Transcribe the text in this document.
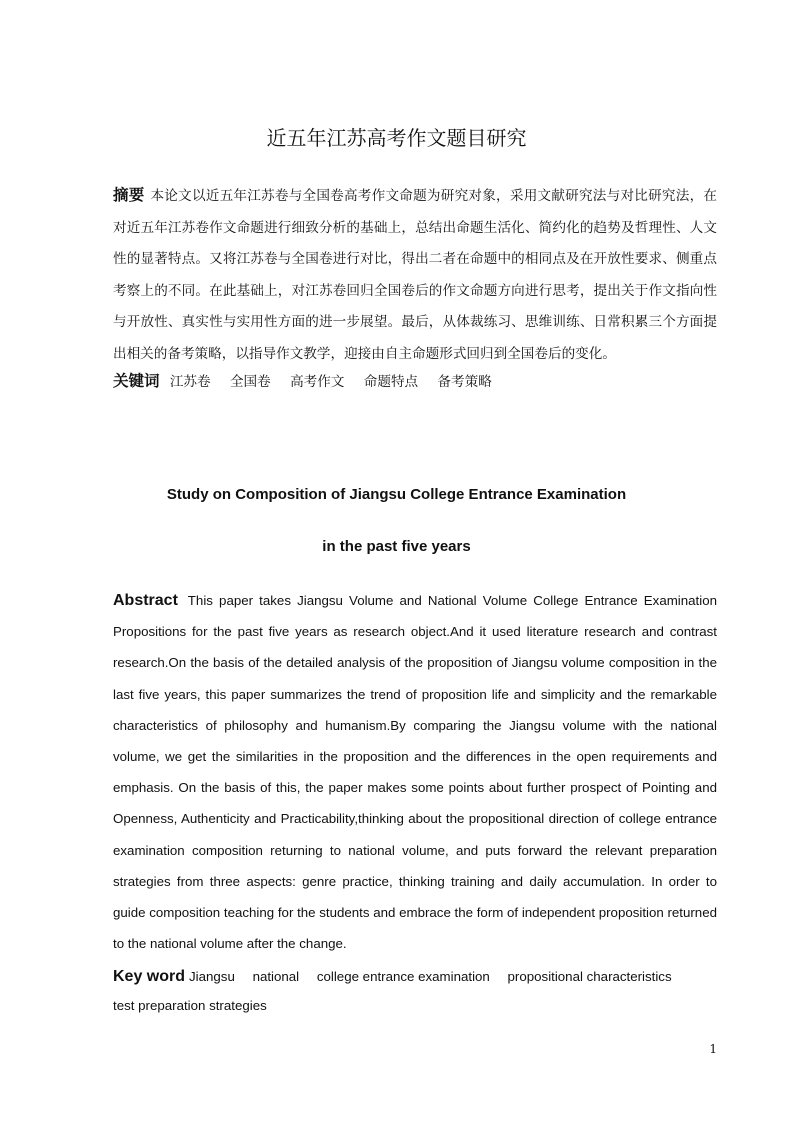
近五年江苏高考作文题目研究
摘要 本论文以近五年江苏卷与全国卷高考作文命题为研究对象，采用文献研究法与对比研究法，在对近五年江苏卷作文命题进行细致分析的基础上，总结出命题生活化、简约化的趋势及哲理性、人文性的显著特点。又将江苏卷与全国卷进行对比，得出二者在命题中的相同点及在开放性要求、侧重点考察上的不同。在此基础上，对江苏卷回归全国卷后的作文命题方向进行思考，提出关于作文指向性与开放性、真实性与实用性方面的进一步展望。最后，从体裁练习、思维训练、日常积累三个方面提出相关的备考策略，以指导作文教学，迎接由自主命题形式回归到全国卷后的变化。
关键词 江苏卷 全国卷 高考作文 命题特点 备考策略
Study on Composition of Jiangsu College Entrance Examination
in the past five years
Abstract This paper takes Jiangsu Volume and National Volume College Entrance Examination Propositions for the past five years as research object.And it used literature research and contrast research.On the basis of the detailed analysis of the proposition of Jiangsu volume composition in the last five years, this paper summarizes the trend of proposition life and simplicity and the remarkable characteristics of philosophy and humanism.By comparing the Jiangsu volume with the national volume, we get the similarities in the proposition and the differences in the open requirements and emphasis. On the basis of this, the paper makes some points about further prospect of Pointing and Openness, Authenticity and Practicability,thinking about the propositional direction of college entrance examination composition returning to national volume, and puts forward the relevant preparation strategies from three aspects: genre practice, thinking training and daily accumulation. In order to guide composition teaching for the students and embrace the form of independent proposition returned to the national volume after the change.
Key word Jiangsu national college entrance examination propositional characteristics
test preparation strategies
1
